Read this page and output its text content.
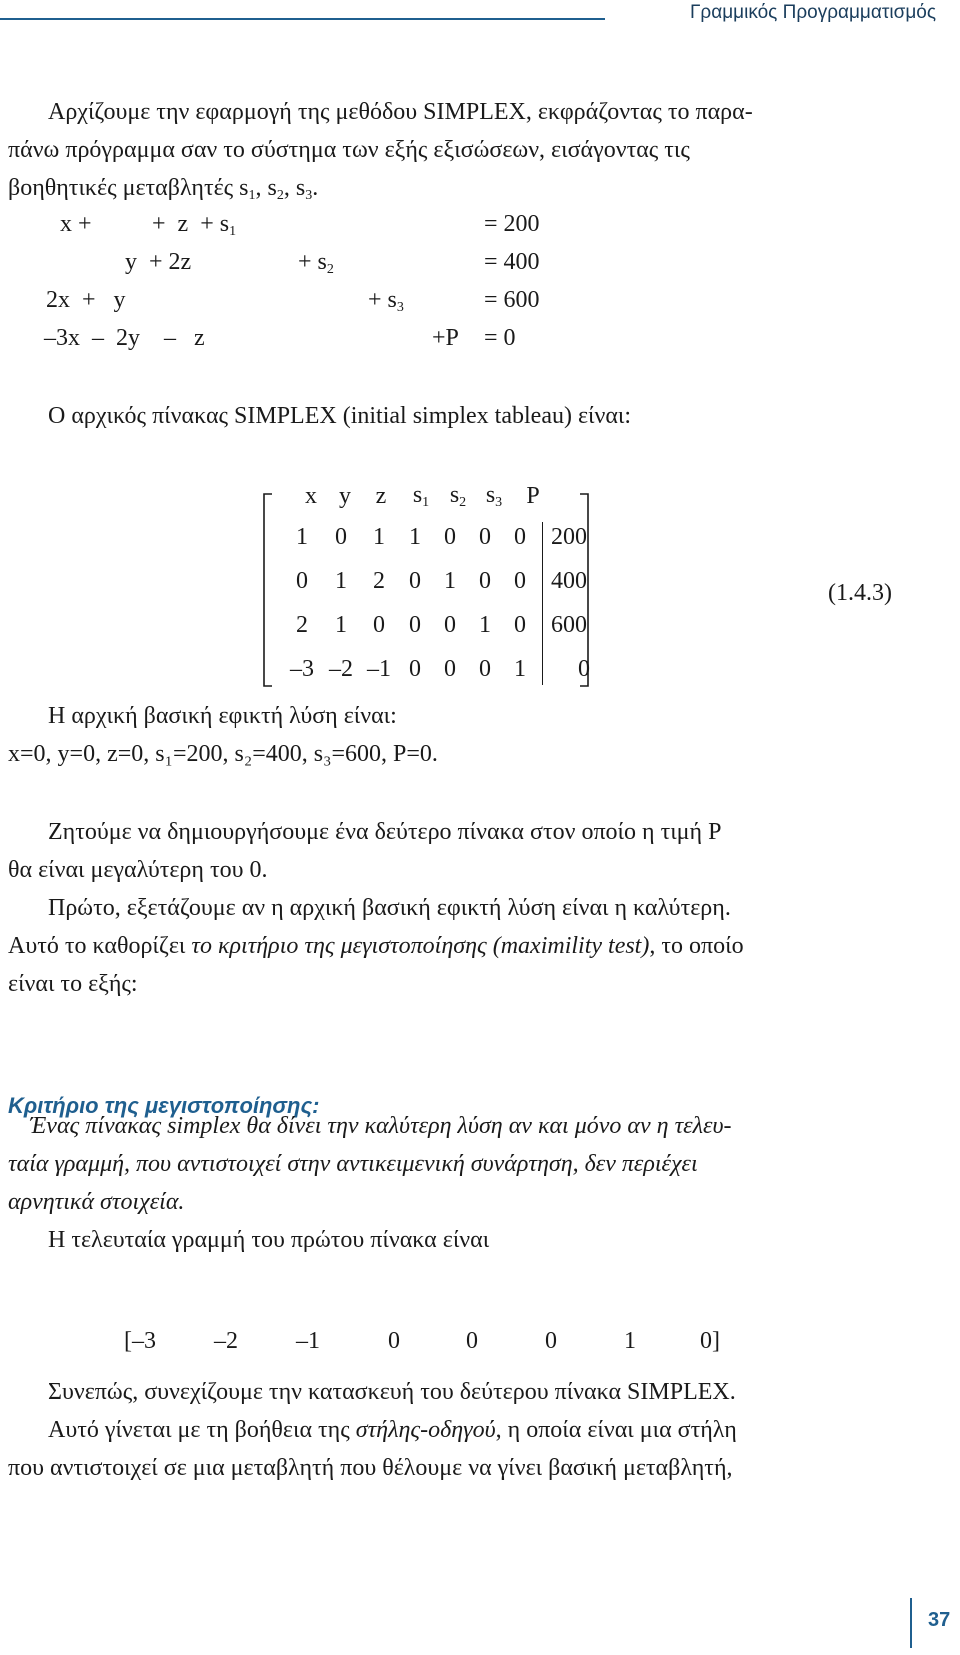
Γραμμικός Προγραμματισμός
Αρχίζουμε την εφαρμογή της μεθόδου SIMPLEX, εκφράζοντας το παρα-
πάνω πρόγραμμα σαν το σύστημα των εξής εξισώσεων, εισάγοντας τις
βοηθητικές μεταβλητές $s_1$, $s_2$, $s_3$.
x +	+  $z + s_1$	= 200
y  + 2z	+ $s_2$	= 400
2x  +   y	+ $s_3$	= 600
–3x  –  2y    –   z	+P = 0
Ο αρχικός πίνακας SIMPLEX (initial simplex tableau) είναι:
x	y	z	$s_1$	$s_2$	$s_3$	P
1	0	1	1	0	0	0	200
0	1	2	0	1	0	0	400
2	1	0	0	0	1	0	600
–3	–2	–1	0	0	0	1	0
(1.4.3)
Η αρχική βασική εφικτή λύση είναι:
x=0, y=0, z=0, s₁=200, s₂=400, s₃=600, P=0.
Ζητούμε να δημιουργήσουμε ένα δεύτερο πίνακα στον οποίο η τιμή P
θα είναι μεγαλύτερη του 0.
Πρώτο, εξετάζουμε αν η αρχική βασική εφικτή λύση είναι η καλύτερη.
Αυτό το καθορίζει το κριτήριο της μεγιστοποίησης (maximility test), το οποίο
είναι το εξής:
Κριτήριο της μεγιστοποίησης:
Ένας πίνακας simplex θα δίνει την καλύτερη λύση αν και μόνο αν η τελευ-
ταία γραμμή, που αντιστοιχεί στην αντικειμενική συνάρτηση, δεν περιέχει
αρνητικά στοιχεία.
Η τελευταία γραμμή του πρώτου πίνακα είναι
[–3 –2 –1	0	0	0	1	0]
Συνεπώς, συνεχίζουμε την κατασκευή του δεύτερου πίνακα SIMPLEX.
Αυτό γίνεται με τη βοήθεια της στήλης-οδηγού, η οποία είναι μια στήλη
που αντιστοιχεί σε μια μεταβλητή που θέλουμε να γίνει βασική μεταβλητή,
37
